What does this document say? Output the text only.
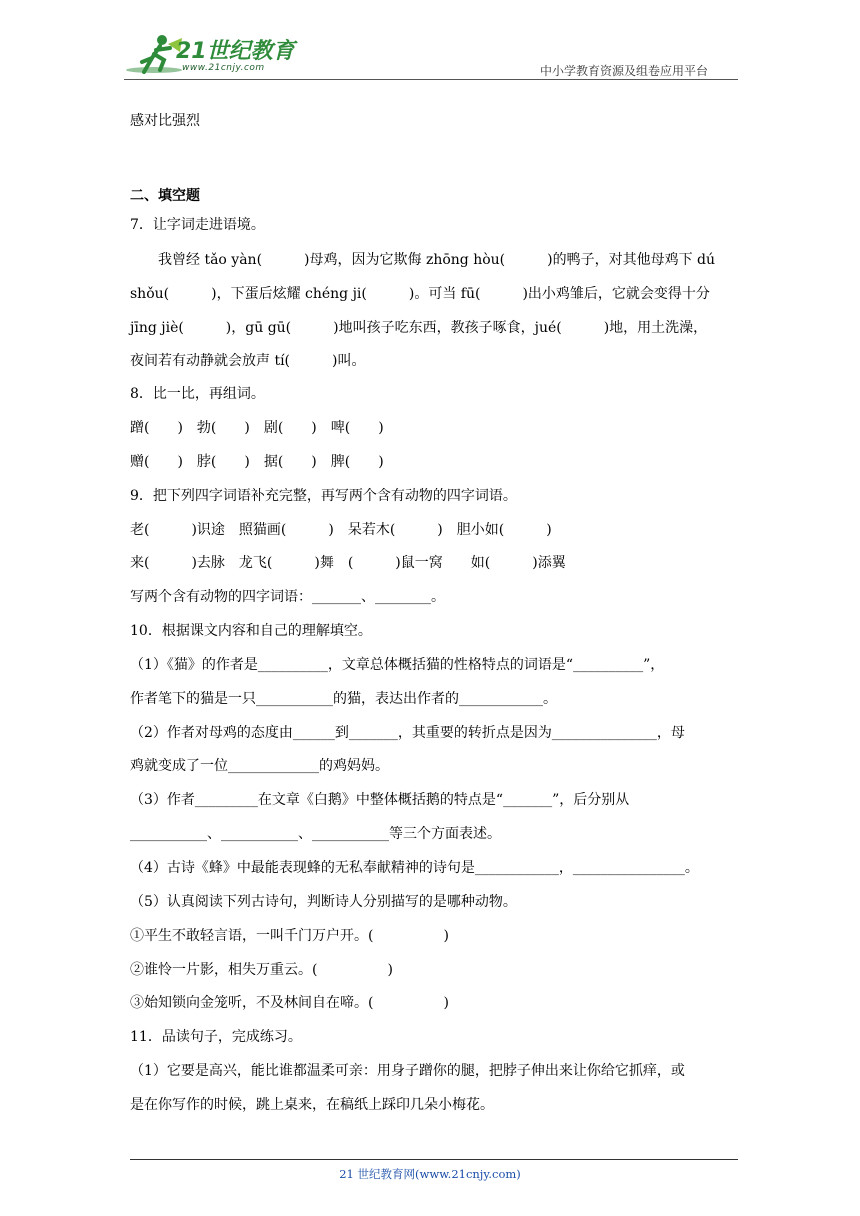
21世纪教育
www.21cnjy.com	中小学教育资源及组卷应用平台
感对比强烈
二、填空题
7．让字词走进语境。
我曾经 tǎo yàn(　　　)母鸡，因为它欺侮 zhōng hòu(　　　)的鸭子，对其他母鸡下 dú
shǒu(　　　)，下蛋后炫耀 chéng ji(　　　)。可当 fū(　　　)出小鸡雏后，它就会变得十分
jīng jiè(　　　)，gū gū(　　　)地叫孩子吃东西，教孩子啄食，jué(　　　)地，用土洗澡，
夜间若有动静就会放声 tí(　　　)叫。
8．比一比，再组词。
蹭(　　)　勃(　　)　剧(　　)　啤(　　)
赠(　　)　脖(　　)　据(　　)　脾(　　)
9．把下列四字词语补充完整，再写两个含有动物的四字词语。
老(　　　)识途　照猫画(　　　)　呆若木(　　　)　胆小如(　　　)
来(　　　)去脉　龙飞(　　　)舞　(　　　)鼠一窝　　如(　　　)添翼
写两个含有动物的四字词语：_______、________。
10．根据课文内容和自己的理解填空。
（1）《猫》的作者是__________，文章总体概括猫的性格特点的词语是“__________”，
作者笔下的猫是一只___________的猫，表达出作者的____________。
（2）作者对母鸡的态度由______到_______，其重要的转折点是因为_______________，母
鸡就变成了一位_____________的鸡妈妈。
（3）作者_________在文章《白鹅》中整体概括鹅的特点是“_______”，后分别从
___________、___________、___________等三个方面表述。
（4）古诗《蜂》中最能表现蜂的无私奉献精神的诗句是____________，________________。
（5）认真阅读下列古诗句，判断诗人分别描写的是哪种动物。
①平生不敢轻言语，一叫千门万户开。(　　　　　)
②谁怜一片影，相失万重云。(　　　　　)
③始知锁向金笼听，不及林间自在啼。(　　　　　)
11．品读句子，完成练习。
（1）它要是高兴，能比谁都温柔可亲：用身子蹭你的腿，把脖子伸出来让你给它抓痒，或
是在你写作的时候，跳上桌来，在稿纸上踩印几朵小梅花。
21 世纪教育网(www.21cnjy.com)
